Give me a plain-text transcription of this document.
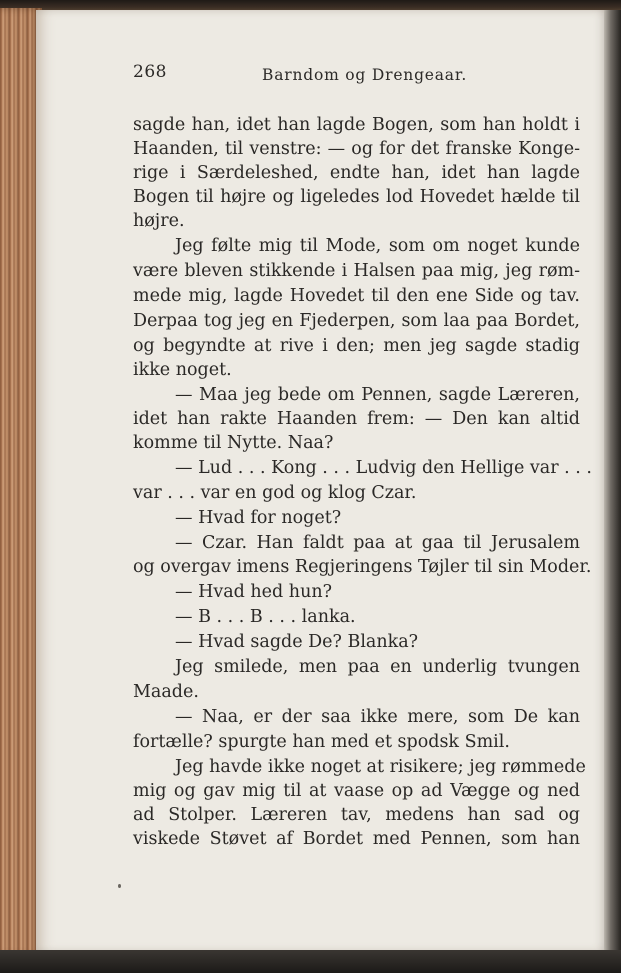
268	Barndom og Drengeaar.
sagde han, idet han lagde Bogen, som han holdt i
Haanden, til venstre: — og for det franske Konge-
rige i Særdeleshed, endte han, idet han lagde
Bogen til højre og ligeledes lod Hovedet hælde til
højre.
Jeg følte mig til Mode, som om noget kunde
være bleven stikkende i Halsen paa mig, jeg røm-
mede mig, lagde Hovedet til den ene Side og tav.
Derpaa tog jeg en Fjederpen, som laa paa Bordet,
og begyndte at rive i den; men jeg sagde stadig
ikke noget.
— Maa jeg bede om Pennen, sagde Læreren,
idet han rakte Haanden frem: — Den kan altid
komme til Nytte. Naa?
— Lud . . . Kong . . . Ludvig den Hellige var . . .
var . . . var en god og klog Czar.
— Hvad for noget?
— Czar. Han faldt paa at gaa til Jerusalem
og overgav imens Regjeringens Tøjler til sin Moder.
— Hvad hed hun?
— B . . . B . . . lanka.
— Hvad sagde De? Blanka?
Jeg smilede, men paa en underlig tvungen
Maade.
— Naa, er der saa ikke mere, som De kan
fortælle? spurgte han med et spodsk Smil.
Jeg havde ikke noget at risikere; jeg rømmede
mig og gav mig til at vaase op ad Vægge og ned
ad Stolper. Læreren tav, medens han sad og
viskede Støvet af Bordet med Pennen, som han
